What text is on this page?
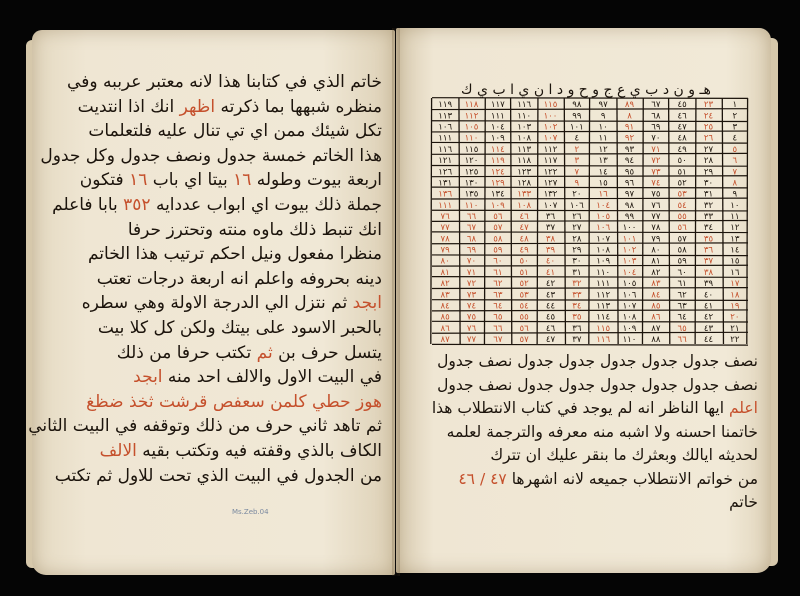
خاتم الذي في كتابنا هذا لانه معتبر عرببه وفي
منظره شبهها بما ذكرته اظهر انك اذا انتديت
تكل شيئك ممن اي تي تنال عليه فلتعلمات
هذا الخاتم خمسة جدول ونصف جدول وكل جدول
اربعة بيوت وطوله ١٦ بيتا اي باب ١٦ فتكون
جملة ذلك بيوت اي ابواب عددايه ٣٥٢ بابا فاعلم
انك تنبط ذلك ماوه منته وتحترز حرفا
منظرا مفعول ونيل احكم ترتيب هذا الخاتم
دينه بحروفه واعلم انه اربعة درجات تعتب
ابجد ثم نتزل الي الدرجة الاولة وهي سطره
بالحبر الاسود على بيتك ولكن كل كلا بيت
يتسل حرف بن ثم تكتب حرفا من ذلك
في البيت الاول والالف احد منه ابجد
هوز حطي كلمن سعفص قرشت ثخذ ضظغ
ثم تاهد ثاني حرف من ذلك وتوقفه في البيت الثاني
الكاف بالذي وقفته فيه وتكتب بقيه الالف
من الجدول في البيت الذي تحت للاول ثم تكتب
Ms.Zeb.04
هـ و ن د ب ي ع ج و ح و د ا ن ي ا ب ي ك
١
٢٣
٤٥
٦٧
٨٩
٩٧
٩٨
١١٥
١١٦
١١٧
١١٨
١١٩
٢
٢٤
٤٦
٦٨
٨
٩
٩٩
١٠٠
١١٠
١١١
١١٢
١١٣
٣
٢٥
٤٧
٦٩
٩١
١٠
١٠١
١٠٢
١٠٣
١٠٤
١٠٥
١٠٦
٤
٢٦
٤٨
٧٠
٩٢
١١
٤
١٠٧
١٠٨
١٠٩
١١٠
١١١
٥
٢٧
٤٩
٧١
٩٣
١٢
٢
١١٢
١١٣
١١٤
١١٥
١١٦
٦
٢٨
٥٠
٧٢
٩٤
١٣
٣
١١٧
١١٨
١١٩
١٢٠
١٢١
٧
٢٩
٥١
٧٣
٩٥
١٤
٧
١٢٢
١٢٣
١٢٤
١٢٥
١٢٦
٨
٣٠
٥٢
٧٤
٩٦
١٥
٩
١٢٧
١٢٨
١٢٩
١٣٠
١٣١
٩
٣١
٥٣
٧٥
٩٧
١٦
٢٠
١٣٢
١٣٣
١٣٤
١٣٥
١٣٦
١٠
٣٢
٥٤
٧٦
٩٨
١٠٤
١٠٦
١٠٧
١٠٨
١٠٩
١١٠
١١١
١١
٣٣
٥٥
٧٧
٩٩
١٠٥
٢٦
٣٦
٤٦
٥٦
٦٦
٧٦
١٢
٣٤
٥٦
٧٨
١٠٠
١٠٦
٢٧
٣٧
٤٧
٥٧
٦٧
٧٧
١٣
٣٥
٥٧
٧٩
١٠١
١٠٧
٢٨
٣٨
٤٨
٥٨
٦٨
٧٨
١٤
٣٦
٥٨
٨٠
١٠٢
١٠٨
٢٩
٣٩
٤٩
٥٩
٦٩
٧٩
١٥
٣٧
٥٩
٨١
١٠٣
١٠٩
٣٠
٤٠
٥٠
٦٠
٧٠
٨٠
١٦
٣٨
٦٠
٨٢
١٠٤
١١٠
٣١
٤١
٥١
٦١
٧١
٨١
١٧
٣٩
٦١
٨٣
١٠٥
١١١
٣٢
٤٢
٥٢
٦٢
٧٢
٨٢
١٨
٤٠
٦٢
٨٤
١٠٦
١١٢
٣٣
٤٣
٥٣
٦٣
٧٣
٨٣
١٩
٤١
٦٣
٨٥
١٠٧
١١٣
٣٤
٤٤
٥٤
٦٤
٧٤
٨٤
٢٠
٤٢
٦٤
٨٦
١٠٨
١١٤
٣٥
٤٥
٥٥
٦٥
٧٥
٨٥
٢١
٤٣
٦٥
٨٧
١٠٩
١١٥
٣٦
٤٦
٥٦
٦٦
٧٦
٨٦
٢٢
٤٤
٦٦
٨٨
١١٠
١١٦
٣٧
٤٧
٥٧
٦٧
٧٧
٨٧
نصف جدول جدول جدول جدول جدول نصف جدول
نصف جدول جدول جدول جدول جدول نصف جدول
اعلم ايها الناظر انه لم يوجد في كتاب الانتطلاب هذا
خاتمنا احسنه ولا اشبه منه معرفه والترجمة لعلمه
لحديثه ايالك وبعثرك ما بنقر عليك ان تترك
من خواتم الانتطلاب جميعه لانه اشهرها ٤٧ / ٤٦
خاتم
